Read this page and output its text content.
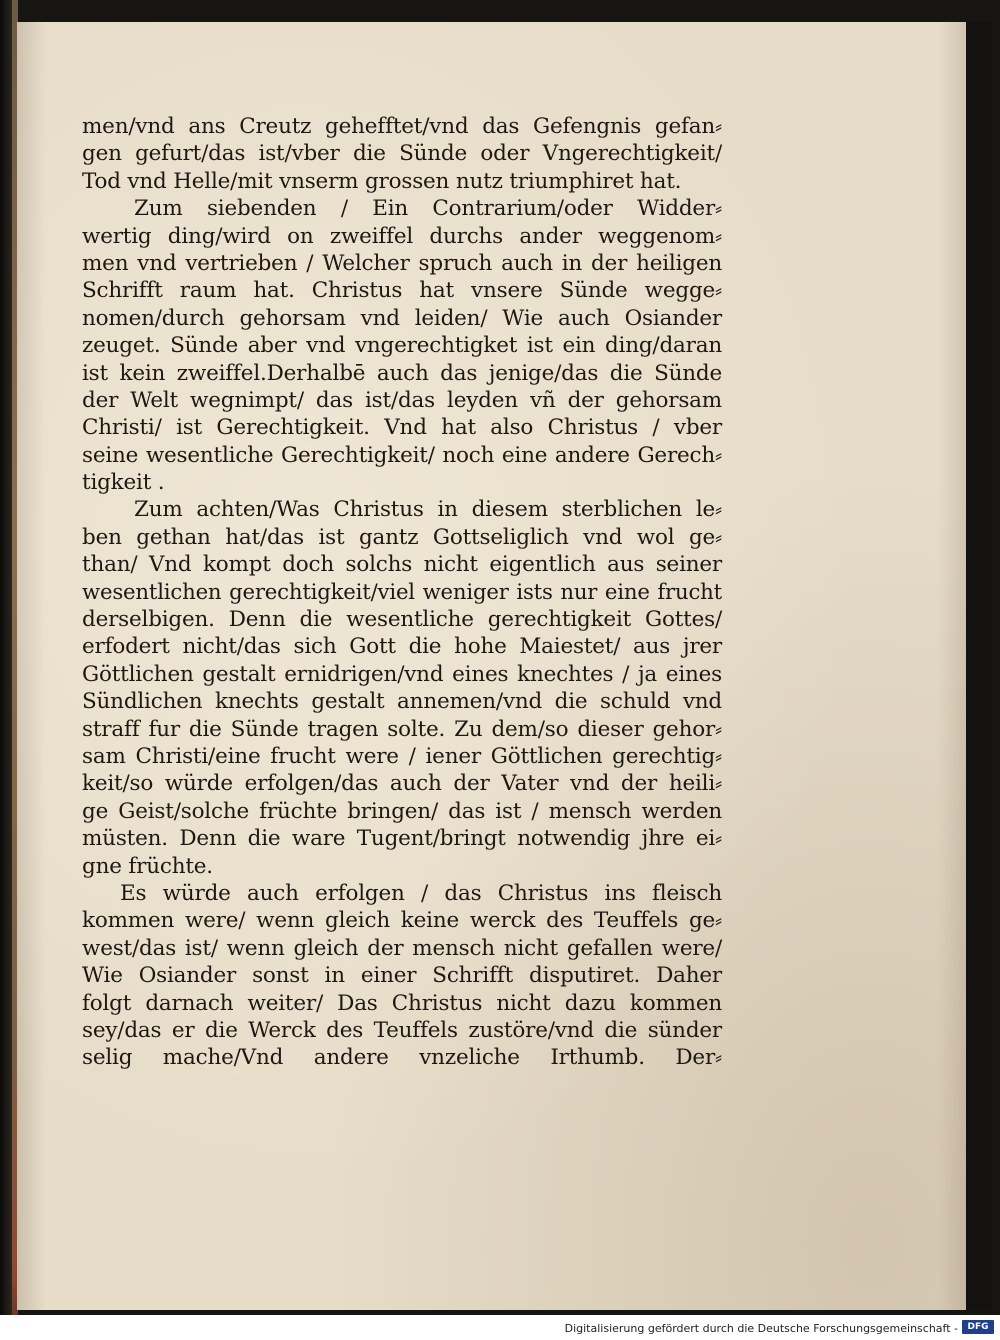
men/vnd ans Creutz gehefftet/vnd das Gefengnis gefan⸗
gen gefurt/das ist/vber die Sünde oder Vngerechtigkeit/
Tod vnd Helle/mit vnserm grossen nutz triumphiret hat.
Zum siebenden / Ein Contrarium/oder Widder⸗
wertig ding/wird on zweiffel durchs ander weggenom⸗
men vnd vertrieben / Welcher spruch auch in der heiligen
Schrifft raum hat. Christus hat vnsere Sünde wegge⸗
nomen/durch gehorsam vnd leiden/ Wie auch Osiander
zeuget. Sünde aber vnd vngerechtigket ist ein ding/daran
ist kein zweiffel.Derhalbē auch das jenige/das die Sünde
der Welt wegnimpt/ das ist/das leyden vñ der gehorsam
Christi/ ist Gerechtigkeit. Vnd hat also Christus / vber
seine wesentliche Gerechtigkeit/ noch eine andere Gerech⸗
tigkeit .
Zum achten/Was Christus in diesem sterblichen le⸗
ben gethan hat/das ist gantz Gottseliglich vnd wol ge⸗
than/ Vnd kompt doch solchs nicht eigentlich aus seiner
wesentlichen gerechtigkeit/viel weniger ists nur eine frucht
derselbigen. Denn die wesentliche gerechtigkeit Gottes/
erfodert nicht/das sich Gott die hohe Maiestet/ aus jrer
Göttlichen gestalt ernidrigen/vnd eines knechtes / ja eines
Sündlichen knechts gestalt annemen/vnd die schuld vnd
straff fur die Sünde tragen solte. Zu dem/so dieser gehor⸗
sam Christi/eine frucht were / iener Göttlichen gerechtig⸗
keit/so würde erfolgen/das auch der Vater vnd der heili⸗
ge Geist/solche früchte bringen/ das ist / mensch werden
müsten. Denn die ware Tugent/bringt notwendig jhre ei⸗
gne früchte.
Es würde auch erfolgen / das Christus ins fleisch
kommen were/ wenn gleich keine werck des Teuffels ge⸗
west/das ist/ wenn gleich der mensch nicht gefallen were/
Wie Osiander sonst in einer Schrifft disputiret. Daher
folgt darnach weiter/ Das Christus nicht dazu kommen
sey/das er die Werck des Teuffels zustöre/vnd die sünder
selig mache/Vnd andere vnzeliche Irthumb. Der⸗
Digitalisierung gefördert durch die Deutsche Forschungsgemeinschaft -	DFG
